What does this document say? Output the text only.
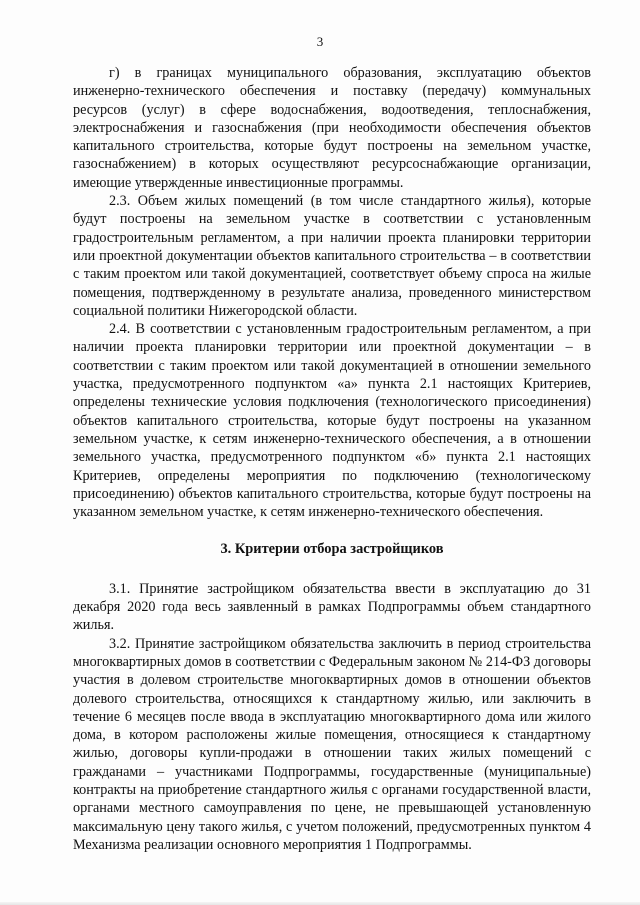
3

г) в границах муниципального образования, эксплуатацию объектов инженерно-технического обеспечения и поставку (передачу) коммунальных ресурсов (услуг) в сфере водоснабжения, водоотведения, теплоснабжения, электроснабжения и газоснабжения (при необходимости обеспечения объектов капитального строительства, которые будут построены на земельном участке, газоснабжением) в которых осуществляют ресурсоснабжающие организации, имеющие утвержденные инвестиционные программы.

2.3. Объем жилых помещений (в том числе стандартного жилья), которые будут построены на земельном участке в соответствии с установленным градостроительным регламентом, а при наличии проекта планировки территории или проектной документации объектов капитального строительства – в соответствии с таким проектом или такой документацией, соответствует объему спроса на жилые помещения, подтвержденному в результате анализа, проведенного министерством социальной политики Нижегородской области.

2.4. В соответствии с установленным градостроительным регламентом, а при наличии проекта планировки территории или проектной документации – в соответствии с таким проектом или такой документацией в отношении земельного участка, предусмотренного подпунктом «а» пункта 2.1 настоящих Критериев, определены технические условия подключения (технологического присоединения) объектов капитального строительства, которые будут построены на указанном земельном участке, к сетям инженерно-технического обеспечения, а в отношении земельного участка, предусмотренного подпунктом «б» пункта 2.1 настоящих Критериев, определены мероприятия по подключению (технологическому присоединению) объектов капитального строительства, которые будут построены на указанном земельном участке, к сетям инженерно-технического обеспечения.

3. Критерии отбора застройщиков

3.1. Принятие застройщиком обязательства ввести в эксплуатацию до 31 декабря 2020 года весь заявленный в рамках Подпрограммы объем стандартного жилья.

3.2. Принятие застройщиком обязательства заключить в период строительства многоквартирных домов в соответствии с Федеральным законом № 214-ФЗ договоры участия в долевом строительстве многоквартирных домов в отношении объектов долевого строительства, относящихся к стандартному жилью, или заключить в течение 6 месяцев после ввода в эксплуатацию многоквартирного дома или жилого дома, в котором расположены жилые помещения, относящиеся к стандартному жилью, договоры купли-продажи в отношении таких жилых помещений с гражданами – участниками Подпрограммы, государственные (муниципальные) контракты на приобретение стандартного жилья с органами государственной власти, органами местного самоуправления по цене, не превышающей установленную максимальную цену такого жилья, с учетом положений, предусмотренных пунктом 4 Механизма реализации основного мероприятия 1 Подпрограммы.
